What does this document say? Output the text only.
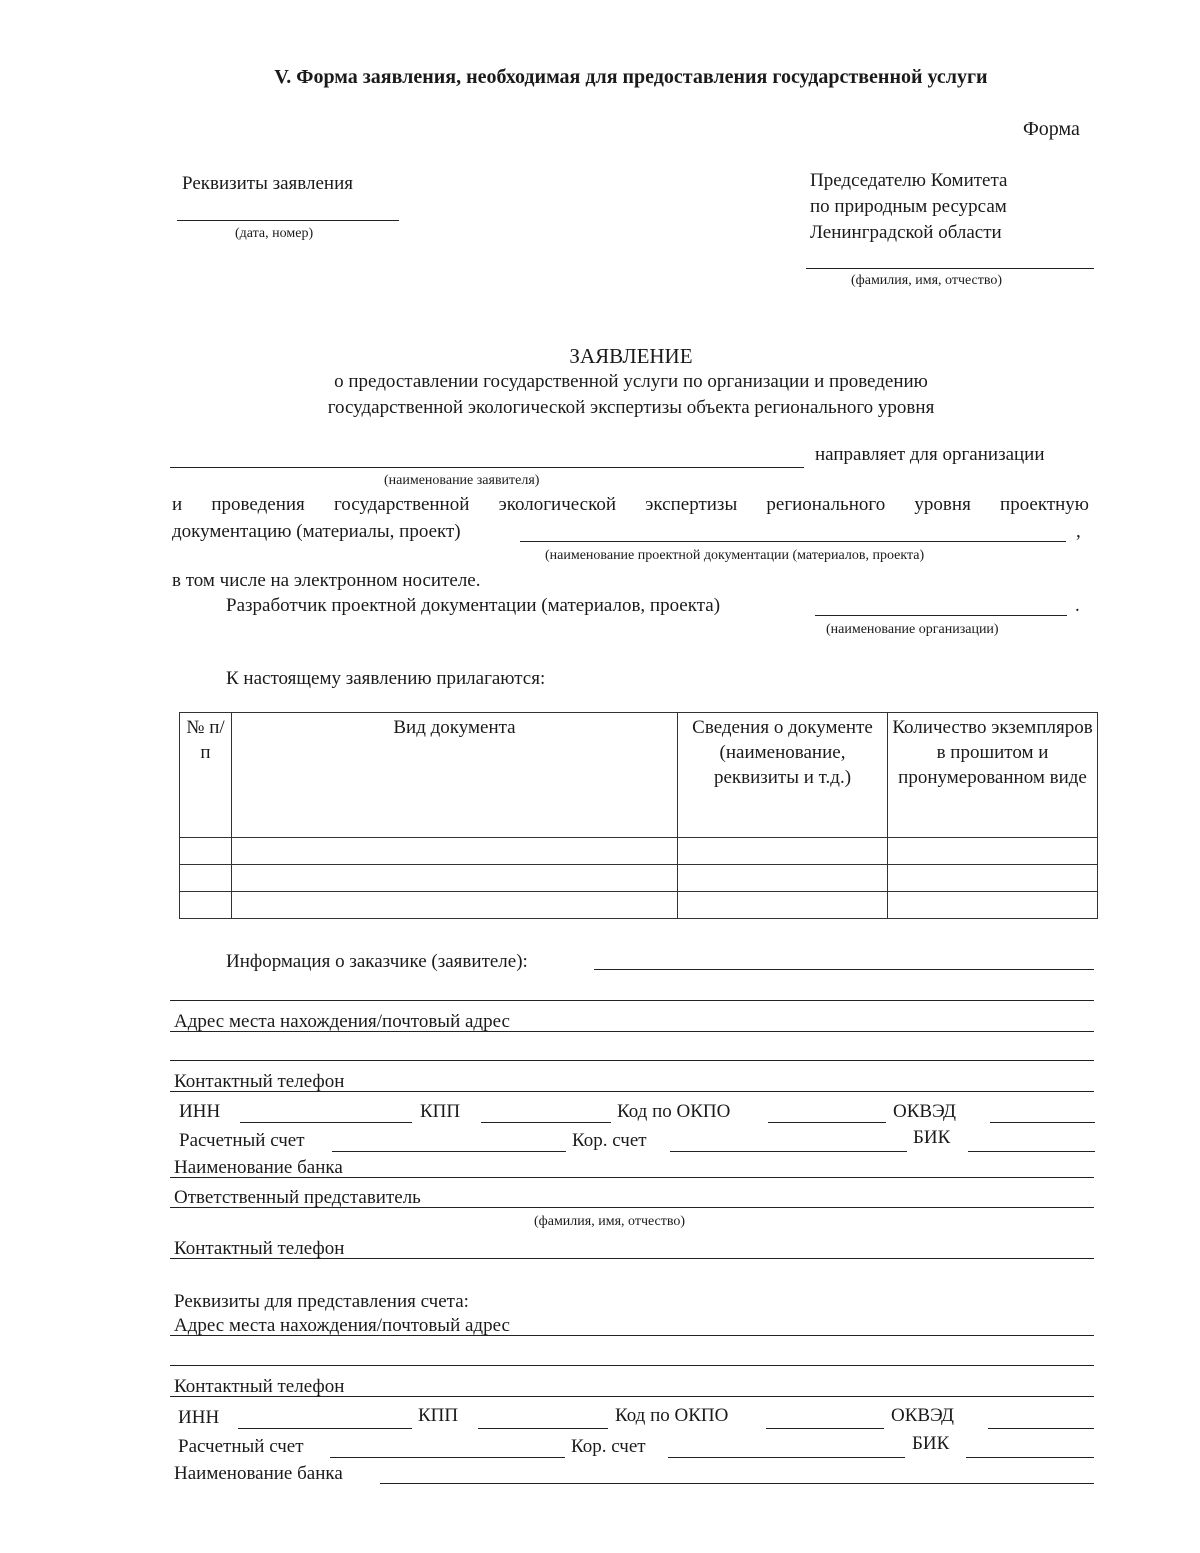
V. Форма заявления, необходимая для предоставления государственной услуги
Форма
Реквизиты заявления
(дата, номер)
Председателю Комитета
по природным ресурсам
Ленинградской области
(фамилия, имя, отчество)
ЗАЯВЛЕНИЕ
о предоставлении государственной услуги по организации и проведению
государственной экологической экспертизы объекта регионального уровня
направляет для организации
(наименование заявителя)
и проведения государственной экологической экспертизы регионального уровня проектную
документацию (материалы, проект)	,
(наименование проектной документации (материалов, проекта)
в том числе на электронном носителе.
Разработчик проектной документации (материалов, проекта)	.
(наименование организации)
К настоящему заявлению прилагаются:
№ п/п	Вид документа	Сведения о документе (наименование, реквизиты и т.д.)	Количество экземпляров в прошитом и пронумерованном виде

Информация о заказчике (заявителе):
Адрес места нахождения/почтовый адрес
Контактный телефон
ИНН	КПП	Код по ОКПО	ОКВЭД
Расчетный счет	Кор. счет	БИК
Наименование банка
Ответственный представитель
(фамилия, имя, отчество)
Контактный телефон
Реквизиты для представления счета:
Адрес места нахождения/почтовый адрес
Контактный телефон
ИНН	КПП	Код по ОКПО	ОКВЭД
Расчетный счет	Кор. счет	БИК
Наименование банка
